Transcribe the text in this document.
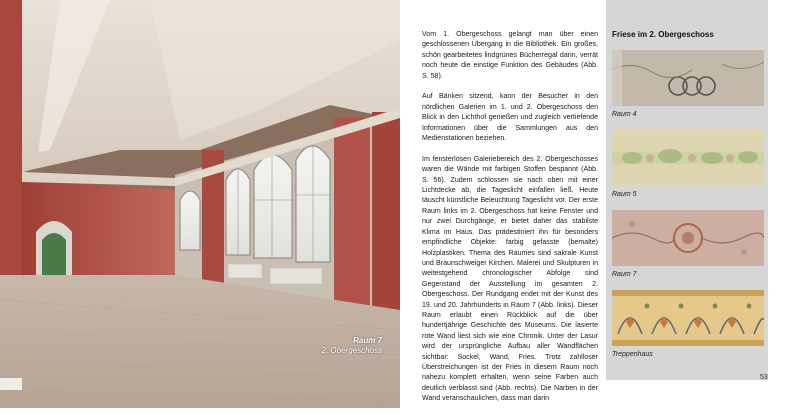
Raum 7
2. Obergeschoss

Vom 1. Obergeschoss gelangt man über einen geschlossenen Übergang in die Bibliothek. Ein großes, schön gearbeitetes lindgrünes Bücherregal darin, verrät noch heute die einstige Funktion des Gebäudes (Abb. S. 58).

Auf Bänken sitzend, kann der Besucher in den nördlichen Galerien im 1. und 2. Obergeschoss den Blick in den Lichthof genießen und zugleich vertiefende Informationen über die Sammlungen aus den Medienstationen beziehen.

Im fensterlosen Galeriebereich des 2. Obergeschosses waren die Wände mit farbigen Stoffen bespannt (Abb. S. 56). Zudem schlossen sie nach oben mit einer Lichtdecke ab, die Tageslicht einfallen ließ. Heute täuscht künstliche Beleuchtung Tageslicht vor. Der erste Raum links im 2. Obergeschoss hat keine Fenster und nur zwei Durchgänge, er bietet daher das stabilste Klima im Haus. Das prädestiniert ihn für besonders empfindliche Objekte: farbig gefasste (bemalte) Holzplastiken. Thema des Raumes sind sakrale Kunst und Braunschweiger Kirchen. Malerei und Skulpturen in weitestgehend chronologischer Abfolge sind Gegenstand der Ausstellung im gesamten 2. Obergeschoss. Der Rundgang endet mit der Kunst des 19. und 20. Jahrhunderts in Raum 7 (Abb. links). Dieser Raum erlaubt einen Rückblick auf die über hundertjährige Geschichte des Museums. Die lasierte rote Wand liest sich wie eine Chronik. Unter der Lasur wird der ursprüngliche Aufbau aller Wandflächen sichtbar: Sockel, Wand, Fries. Trotz zahlloser Überstreichungen ist der Fries in diesem Raum noch nahezu komplett erhalten, wenn seine Farben auch deutlich verblasst sind (Abb. rechts). Die Narben in der Wand veranschaulichen, dass man darin

Friese im 2. Obergeschoss
Raum 4
Raum 5
Raum 7
Treppenhaus
53
